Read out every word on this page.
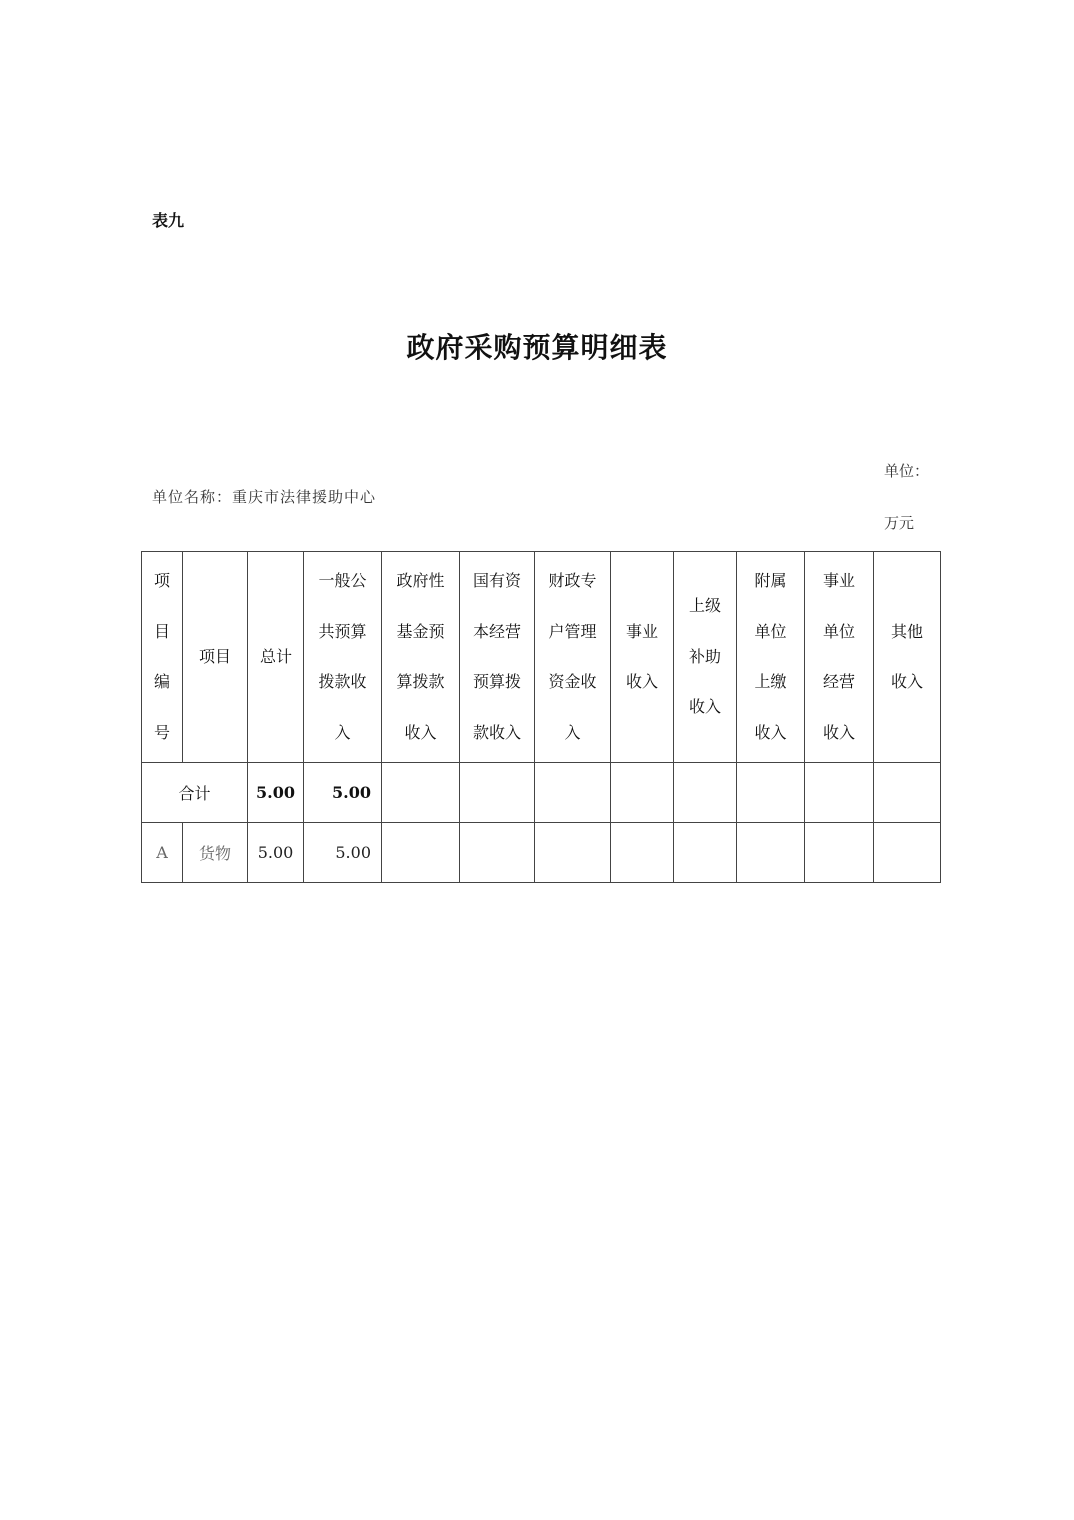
表九
政府采购预算明细表
单位：
万元
单位名称：重庆市法律援助中心
项目编号	项目	总计	一般公共预算拨款收入	政府性基金预算拨款收入	国有资本经营预算拨款收入	财政专户管理资金收入	事业收入	上级补助收入	附属单位上缴收入	事业单位经营收入	其他收入
合计		5.00	5.00								
A	货物	5.00	5.00								
